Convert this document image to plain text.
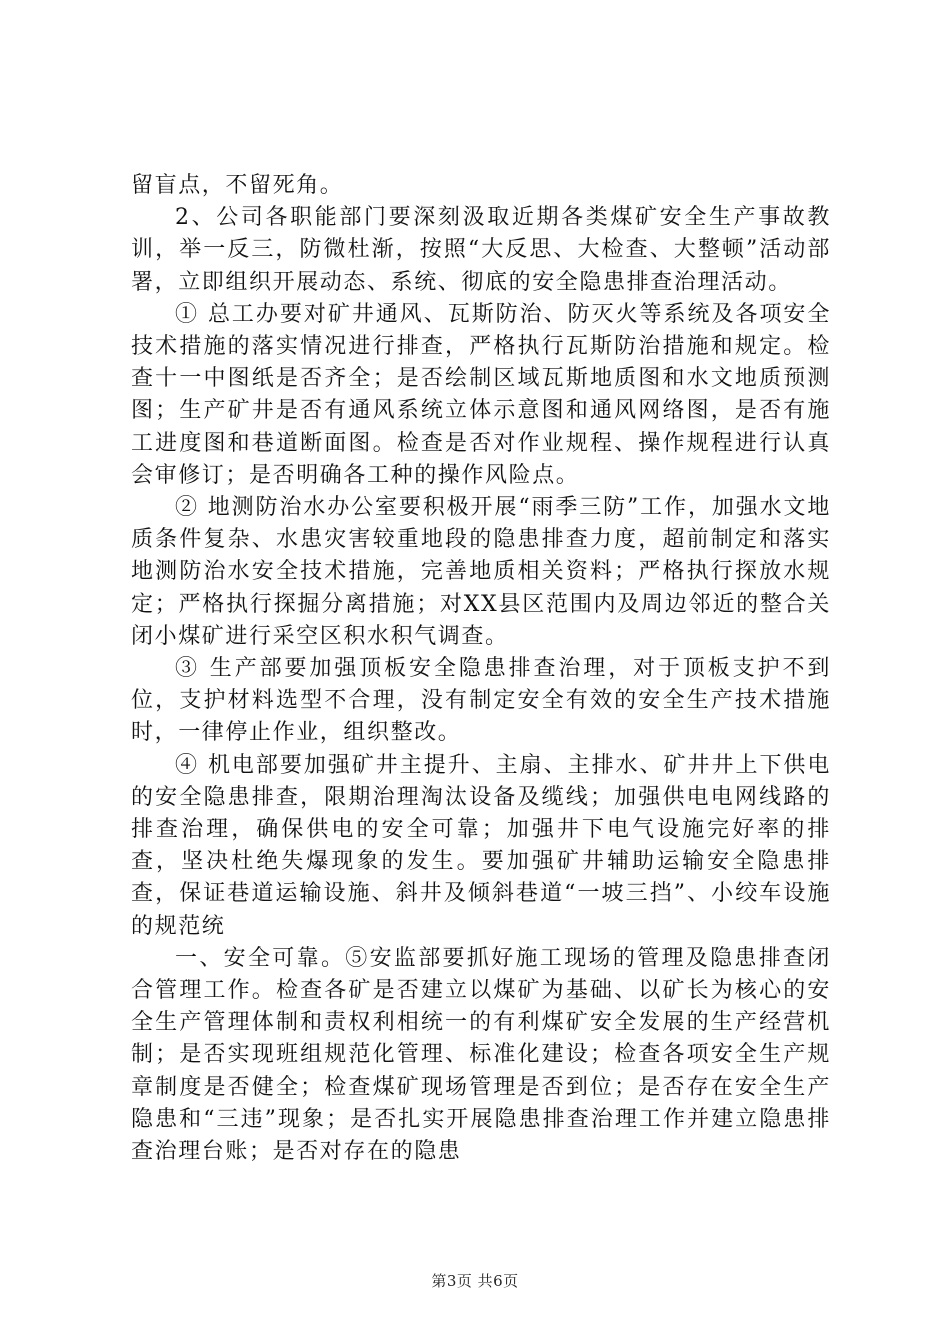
留盲点，不留死角。

2、公司各职能部门要深刻汲取近期各类煤矿安全生产事故教训，举一反三，防微杜渐，按照“大反思、大检查、大整顿”活动部署，立即组织开展动态、系统、彻底的安全隐患排查治理活动。

① 总工办要对矿井通风、瓦斯防治、防灭火等系统及各项安全技术措施的落实情况进行排查，严格执行瓦斯防治措施和规定。检查十一中图纸是否齐全；是否绘制区域瓦斯地质图和水文地质预测图；生产矿井是否有通风系统立体示意图和通风网络图，是否有施工进度图和巷道断面图。检查是否对作业规程、操作规程进行认真会审修订；是否明确各工种的操作风险点。

② 地测防治水办公室要积极开展“雨季三防”工作，加强水文地质条件复杂、水患灾害较重地段的隐患排查力度，超前制定和落实地测防治水安全技术措施，完善地质相关资料；严格执行探放水规定；严格执行探掘分离措施；对XX县区范围内及周边邻近的整合关闭小煤矿进行采空区积水积气调查。

③ 生产部要加强顶板安全隐患排查治理，对于顶板支护不到位，支护材料选型不合理，没有制定安全有效的安全生产技术措施时，一律停止作业，组织整改。

④ 机电部要加强矿井主提升、主扇、主排水、矿井井上下供电的安全隐患排查，限期治理淘汰设备及缆线；加强供电电网线路的排查治理，确保供电的安全可靠；加强井下电气设施完好率的排查，坚决杜绝失爆现象的发生。要加强矿井辅助运输安全隐患排查，保证巷道运输设施、斜井及倾斜巷道“一坡三挡”、小绞车设施的规范统

一、安全可靠。⑤安监部要抓好施工现场的管理及隐患排查闭合管理工作。检查各矿是否建立以煤矿为基础、以矿长为核心的安全生产管理体制和责权利相统一的有利煤矿安全发展的生产经营机制；是否实现班组规范化管理、标准化建设；检查各项安全生产规章制度是否健全；检查煤矿现场管理是否到位；是否存在安全生产隐患和“三违”现象；是否扎实开展隐患排查治理工作并建立隐患排查治理台账；是否对存在的隐患

第3页 共6页
